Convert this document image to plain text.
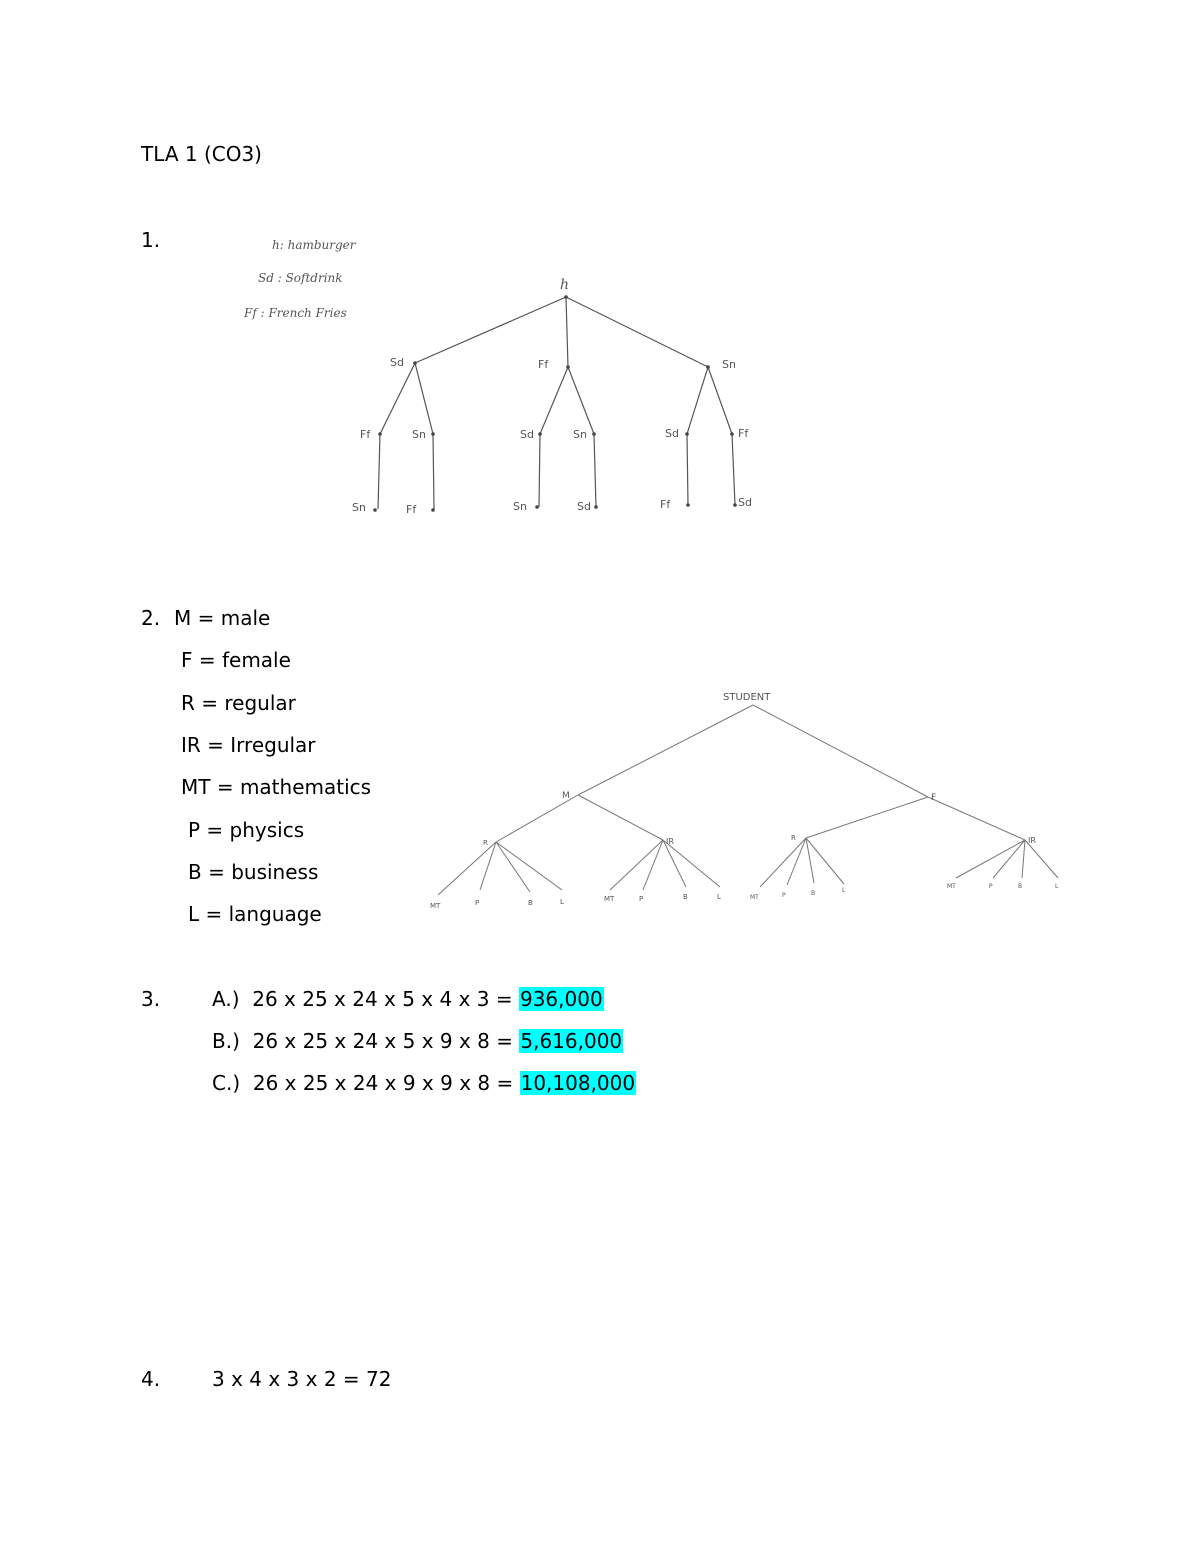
TLA 1 (CO3)
1.	h: hamburger
Sd : Softdrink
Ff : French Fries
h
Sd	Ff	Sn
Ff	Sn	Sd	Sn	Sd	Ff
Sn	Ff	Sn	Sd	Ff	Sd
2. M = male
F = female
R = regular
IR = Irregular
MT = mathematics
P = physics
B = business
L = language
STUDENT
M	F
R	IR	R	IR
MT	P	B	L	MT	P	B	L	MT	P	B	L
MT	P	B	L
3.	A.) 26 x 25 x 24 x 5 x 4 x 3 = 936,000
B.) 26 x 25 x 24 x 5 x 9 x 8 = 5,616,000
C.) 26 x 25 x 24 x 9 x 9 x 8 = 10,108,000
4.	3 x 4 x 3 x 2 = 72
